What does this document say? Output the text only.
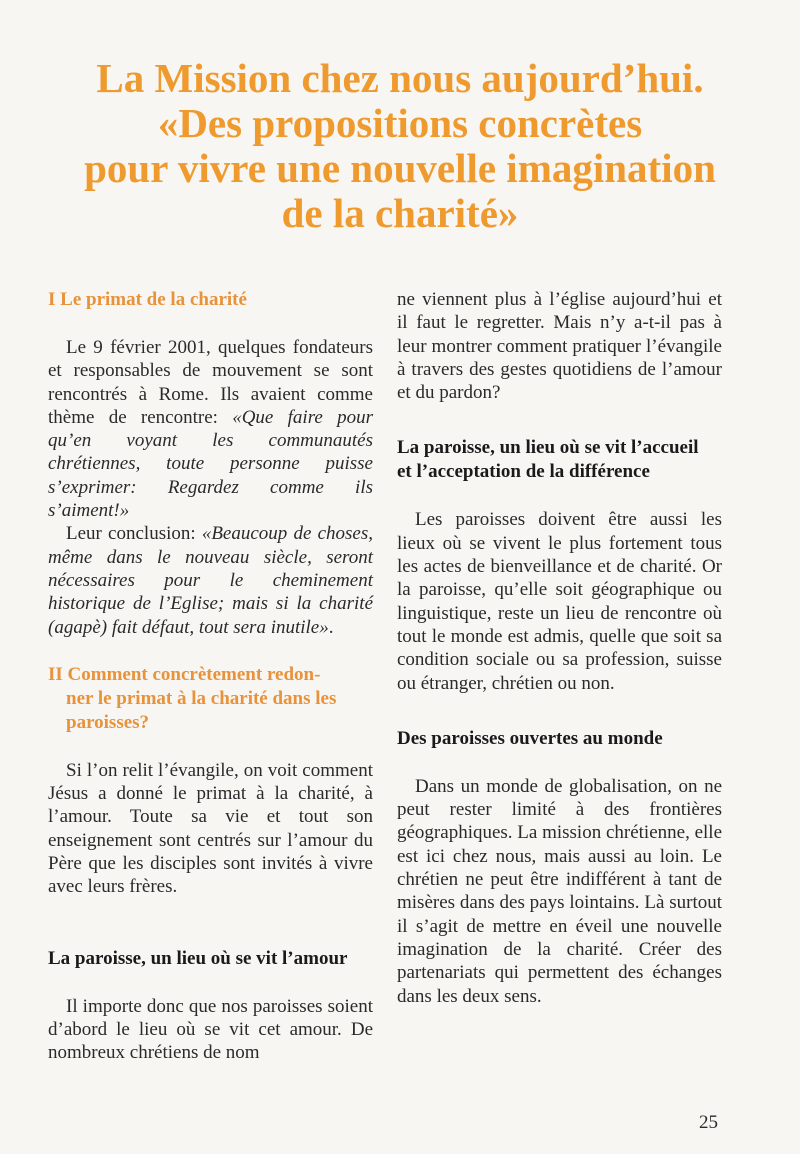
La Mission chez nous aujourd’hui.
«Des propositions concrètes
pour vivre une nouvelle imagination
de la charité»
I Le primat de la charité

Le 9 février 2001, quelques fondateurs et responsables de mouvement se sont rencontrés à Rome. Ils avaient comme thème de rencontre: «Que faire pour qu’en voyant les communautés chrétiennes, toute personne puisse s’exprimer: Regardez comme ils s’aiment!»

Leur conclusion: «Beaucoup de choses, même dans le nouveau siècle, seront nécessaires pour le cheminement historique de l’Eglise; mais si la charité (agapè) fait défaut, tout sera inutile».

II Comment concrètement redon-
ner le primat à la charité dans les
paroisses?

Si l’on relit l’évangile, on voit comment Jésus a donné le primat à la charité, à l’amour. Toute sa vie et tout son enseignement sont centrés sur l’amour du Père que les disciples sont invités à vivre avec leurs frères.

La paroisse, un lieu où se vit l’amour

Il importe donc que nos paroisses soient d’abord le lieu où se vit cet amour. De nombreux chrétiens de nom

ne viennent plus à l’église aujourd’hui et il faut le regretter. Mais n’y a-t-il pas à leur montrer comment pratiquer l’évangile à travers des gestes quotidiens de l’amour et du pardon?

La paroisse, un lieu où se vit l’accueil
et l’acceptation de la différence

Les paroisses doivent être aussi les lieux où se vivent le plus fortement tous les actes de bienveillance et de charité. Or la paroisse, qu’elle soit géographique ou linguistique, reste un lieu de rencontre où tout le monde est admis, quelle que soit sa condition sociale ou sa profession, suisse ou étranger, chrétien ou non.

Des paroisses ouvertes au monde

Dans un monde de globalisation, on ne peut rester limité à des frontières géographiques. La mission chrétienne, elle est ici chez nous, mais aussi au loin. Le chrétien ne peut être indifférent à tant de misères dans des pays lointains. Là surtout il s’agit de mettre en éveil une nouvelle imagination de la charité. Créer des partenariats qui permettent des échanges dans les deux sens.

25
